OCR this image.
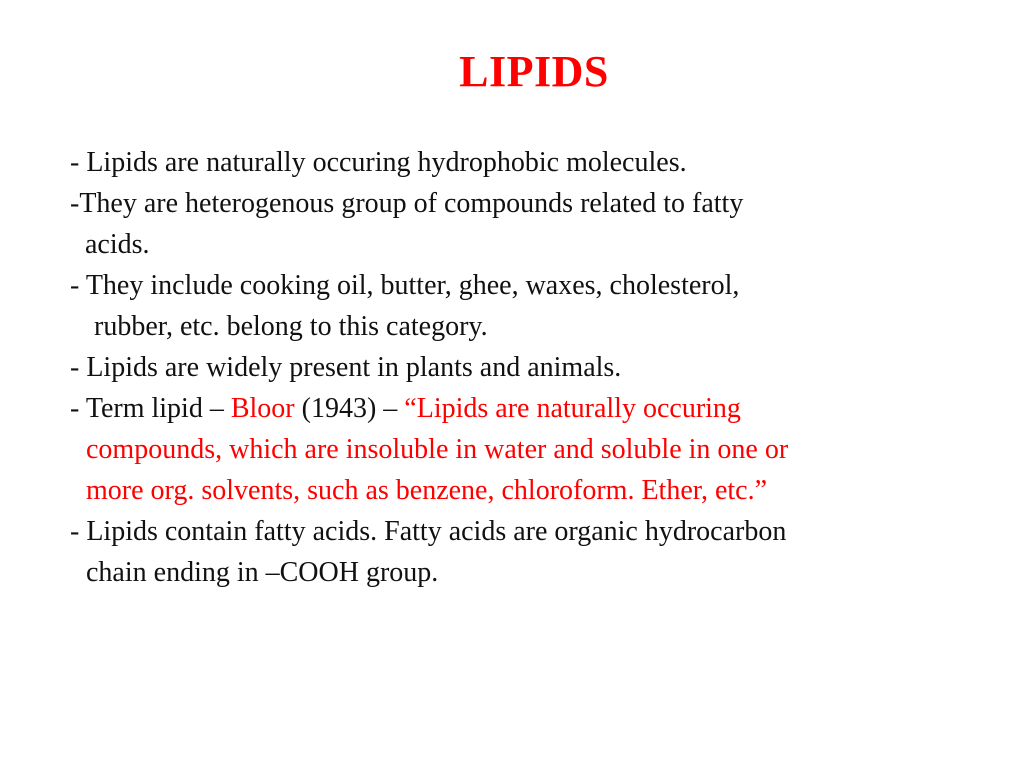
LIPIDS
- Lipids are naturally occuring hydrophobic molecules.
-They are heterogenous group of compounds related to fatty
acids.
- They include cooking oil, butter, ghee, waxes, cholesterol,
rubber, etc. belong to this category.
- Lipids are widely present in plants and animals.
- Term lipid – Bloor (1943) – “Lipids are naturally occuring
compounds, which are insoluble in water and soluble in one or
more org. solvents, such as benzene, chloroform. Ether, etc.”
- Lipids contain fatty acids. Fatty acids are organic hydrocarbon
chain ending in –COOH group.
